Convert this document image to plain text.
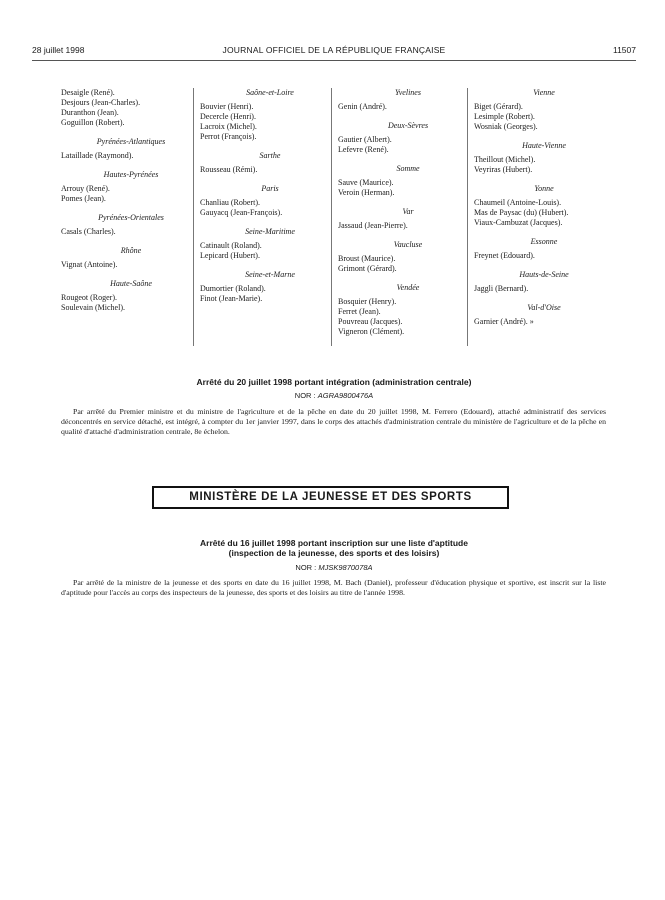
28 juillet 1998	JOURNAL OFFICIEL DE LA RÉPUBLIQUE FRANÇAISE	11507
Desaigle (René).
Desjours (Jean-Charles).
Duranthon (Jean).
Goguillon (Robert).
Pyrénées-Atlantiques
Lataillade (Raymond).
Hautes-Pyrénées
Arrouy (René).
Pomes (Jean).
Pyrénées-Orientales
Casals (Charles).
Rhône
Vignat (Antoine).
Haute-Saône
Rougeot (Roger).
Soulevain (Michel).
Saône-et-Loire
Bouvier (Henri).
Decercle (Henri).
Lacroix (Michel).
Perrot (François).
Sarthe
Rousseau (Rémi).
Paris
Chanliau (Robert).
Gauyacq (Jean-François).
Seine-Maritime
Catinault (Roland).
Lepicard (Hubert).
Seine-et-Marne
Dumortier (Roland).
Finot (Jean-Marie).
Yvelines
Genin (André).
Deux-Sèvres
Gautier (Albert).
Lefevre (René).
Somme
Sauve (Maurice).
Veroin (Herman).
Var
Jassaud (Jean-Pierre).
Vaucluse
Broust (Maurice).
Grimont (Gérard).
Vendée
Bosquier (Henry).
Ferret (Jean).
Pouvreau (Jacques).
Vigneron (Clément).
Vienne
Biget (Gérard).
Lesimple (Robert).
Wosniak (Georges).
Haute-Vienne
Theillout (Michel).
Veyriras (Hubert).
Yonne
Chaumeil (Antoine-Louis).
Mas de Paysac (du) (Hubert).
Viaux-Cambuzat (Jacques).
Essonne
Freynet (Edouard).
Hauts-de-Seine
Jaggli (Bernard).
Val-d'Oise
Garnier (André). »
Arrêté du 20 juillet 1998 portant intégration (administration centrale)
NOR : AGRA9800476A
Par arrêté du Premier ministre et du ministre de l'agriculture et de la pêche en date du 20 juillet 1998, M. Ferrero (Edouard), attaché administratif des services déconcentrés en service détaché, est intégré, à compter du 1er janvier 1997, dans le corps des attachés d'administration centrale du ministère de l'agriculture et de la pêche en qualité d'attaché d'administration centrale, 8e échelon.
MINISTÈRE DE LA JEUNESSE ET DES SPORTS
Arrêté du 16 juillet 1998 portant inscription sur une liste d'aptitude
(inspection de la jeunesse, des sports et des loisirs)
NOR : MJSK9870078A
Par arrêté de la ministre de la jeunesse et des sports en date du 16 juillet 1998, M. Bach (Daniel), professeur d'éducation physique et sportive, est inscrit sur la liste d'aptitude pour l'accès au corps des inspecteurs de la jeunesse, des sports et des loisirs au titre de l'année 1998.
